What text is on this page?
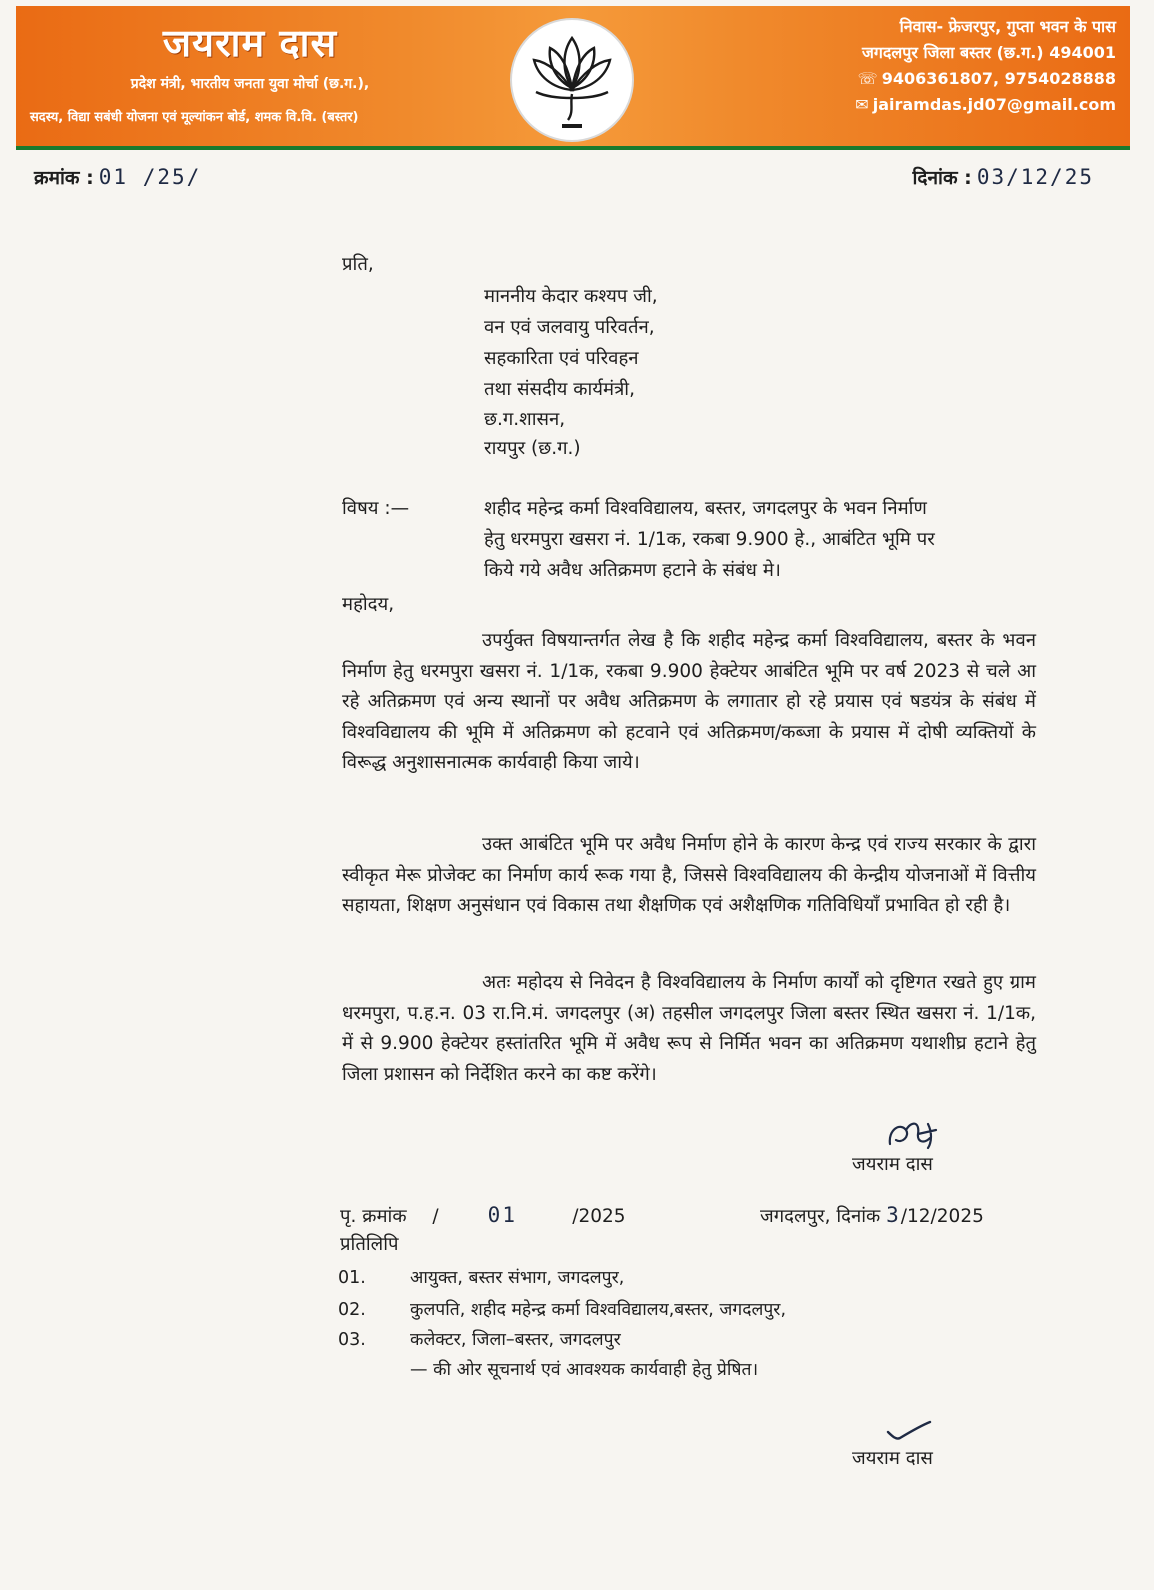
जयराम दास
प्रदेश मंत्री, भारतीय जनता युवा मोर्चा (छ.ग.),
सदस्य, विद्या सबंधी योजना एवं मूल्यांकन बोर्ड, शमक वि.वि. (बस्तर)
निवास- फ्रेजरपुर, गुप्ता भवन के पास
जगदलपुर जिला बस्तर (छ.ग.) 494001
☏ 9406361807, 9754028888
✉ jairamdas.jd07@gmail.com
क्रमांक : 01 /25/	दिनांक : 03/12/25
प्रति,
माननीय केदार कश्यप जी,
वन एवं जलवायु परिवर्तन,
सहकारिता एवं परिवहन
तथा संसदीय कार्यमंत्री,
छ.ग.शासन,
रायपुर (छ.ग.)
विषय :—	शहीद महेन्द्र कर्मा विश्वविद्यालय, बस्तर, जगदलपुर के भवन निर्माण
हेतु धरमपुरा खसरा नं. 1/1क, रकबा 9.900 हे., आबंटित भूमि पर
किये गये अवैध अतिक्रमण हटाने के संबंध मे।
महोदय,

उपर्युक्त विषयान्तर्गत लेख है कि शहीद महेन्द्र कर्मा विश्वविद्यालय, बस्तर के भवन निर्माण हेतु धरमपुरा खसरा नं. 1/1क, रकबा 9.900 हेक्टेयर आबंटित भूमि पर वर्ष 2023 से चले आ रहे अतिक्रमण एवं अन्य स्थानों पर अवैध अतिक्रमण के लगातार हो रहे प्रयास एवं षडयंत्र के संबंध में विश्वविद्यालय की भूमि में अतिक्रमण को हटवाने एवं अतिक्रमण/कब्जा के प्रयास में दोषी व्यक्तियों के विरूद्ध अनुशासनात्मक कार्यवाही किया जाये।

उक्त आबंटित भूमि पर अवैध निर्माण होने के कारण केन्द्र एवं राज्य सरकार के द्वारा स्वीकृत मेरू प्रोजेक्ट का निर्माण कार्य रूक गया है, जिससे विश्वविद्यालय की केन्द्रीय योजनाओं में वित्तीय सहायता, शिक्षण अनुसंधान एवं विकास तथा शैक्षणिक एवं अशैक्षणिक गतिविधियाँ प्रभावित हो रही है।

अतः महोदय से निवेदन है विश्वविद्यालय के निर्माण कार्यों को दृष्टिगत रखते हुए ग्राम धरमपुरा, प.ह.न. 03 रा.नि.मं. जगदलपुर (अ) तहसील जगदलपुर जिला बस्तर स्थित खसरा नं. 1/1क, में से 9.900 हेक्टेयर हस्तांतरित भूमि में अवैध रूप से निर्मित भवन का अतिक्रमण यथाशीघ्र हटाने हेतु जिला प्रशासन को निर्देशित करने का कष्ट करेंगे।

जयराम दास
पृ. क्रमांक / 01	/2025	जगदलपुर, दिनांक 3/12/2025
प्रतिलिपि
01.	आयुक्त, बस्तर संभाग, जगदलपुर,
02.	कुलपति, शहीद महेन्द्र कर्मा विश्वविद्यालय,बस्तर, जगदलपुर,
03.	कलेक्टर, जिला–बस्तर, जगदलपुर
— की ओर सूचनार्थ एवं आवश्यक कार्यवाही हेतु प्रेषित।
जयराम दास
